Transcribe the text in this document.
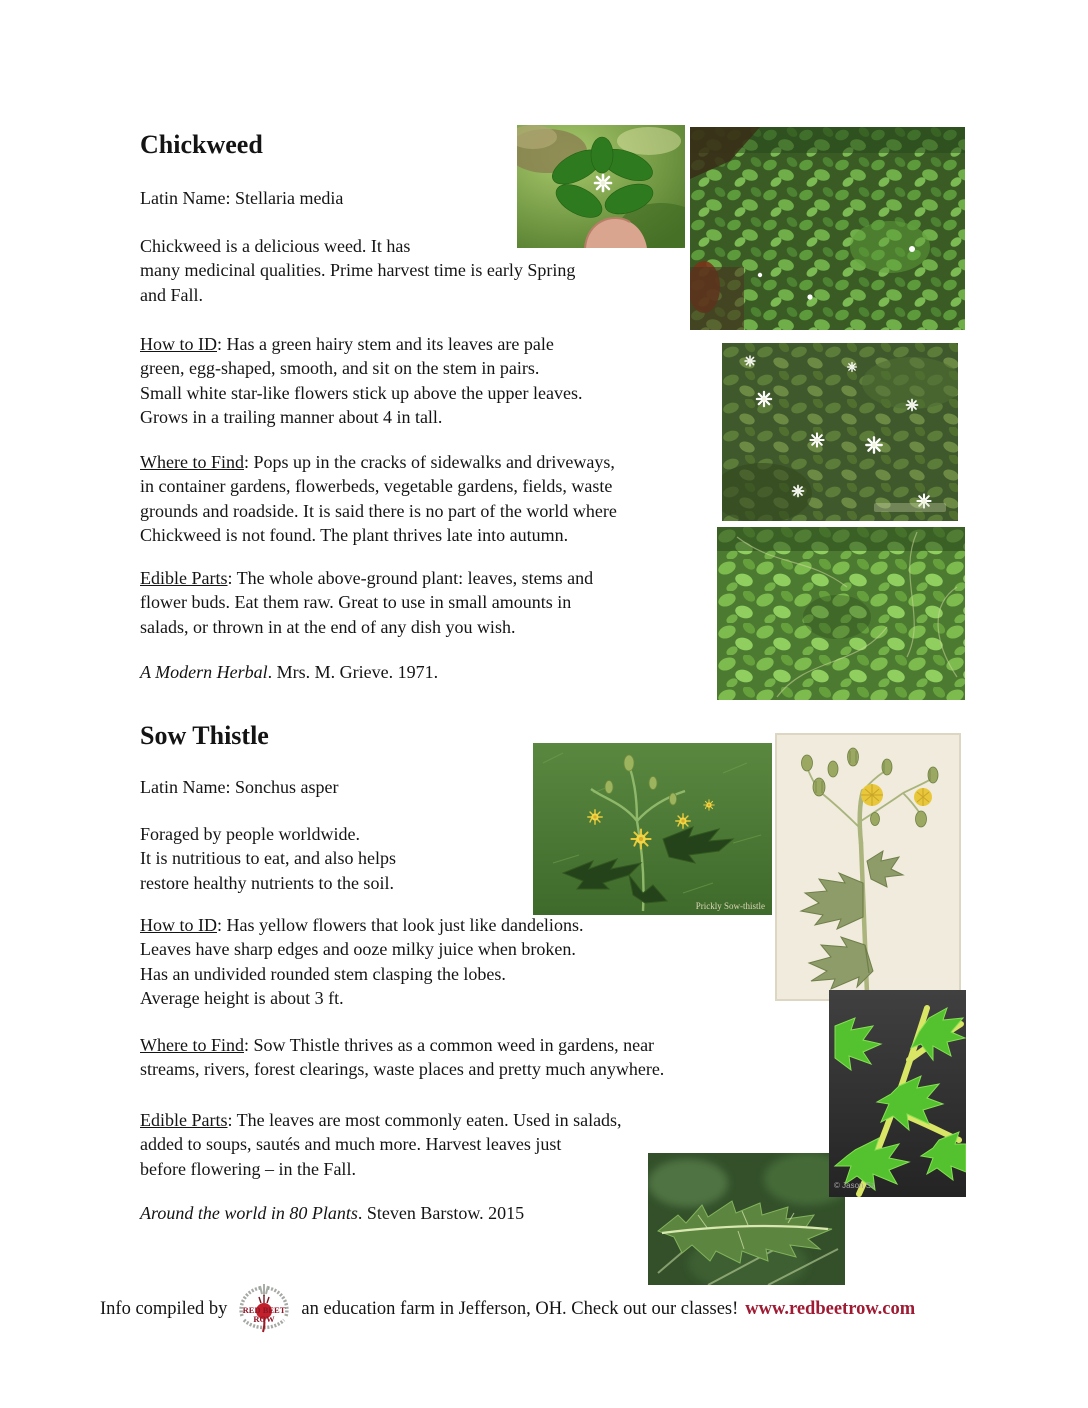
Chickweed
Latin Name: Stellaria media
Chickweed is a delicious weed. It has
many medicinal qualities. Prime harvest time is early Spring
and Fall.
How to ID: Has a green hairy stem and its leaves are pale
green, egg-shaped, smooth, and sit on the stem in pairs.
Small white star-like flowers stick up above the upper leaves.
Grows in a trailing manner about 4 in tall.
Where to Find: Pops up in the cracks of sidewalks and driveways,
in container gardens, flowerbeds, vegetable gardens, fields, waste
grounds and roadside. It is said there is no part of the world where
Chickweed is not found. The plant thrives late into autumn.
Edible Parts: The whole above-ground plant: leaves, stems and
flower buds. Eat them raw. Great to use in small amounts in
salads, or thrown in at the end of any dish you wish.
A Modern Herbal. Mrs. M. Grieve. 1971.
Sow Thistle
Latin Name: Sonchus asper
Foraged by people worldwide.
It is nutritious to eat, and also helps
restore healthy nutrients to the soil.
How to ID: Has yellow flowers that look just like dandelions.
Leaves have sharp edges and ooze milky juice when broken.
Has an undivided rounded stem clasping the lobes.
Average height is about 3 ft.
Where to Find: Sow Thistle thrives as a common weed in gardens, near
streams, rivers, forest clearings, waste places and pretty much anywhere.
Edible Parts: The leaves are most commonly eaten. Used in salads,
added to soups, sautés and much more. Harvest leaves just
before flowering – in the Fall.
Around the world in 80 Plants. Steven Barstow. 2015
Prickly Sow-thistle
© Jason Sz
Info compiled by RED BEET
ROW
an education farm in Jefferson, OH. Check out our classes! www.redbeetrow.com
